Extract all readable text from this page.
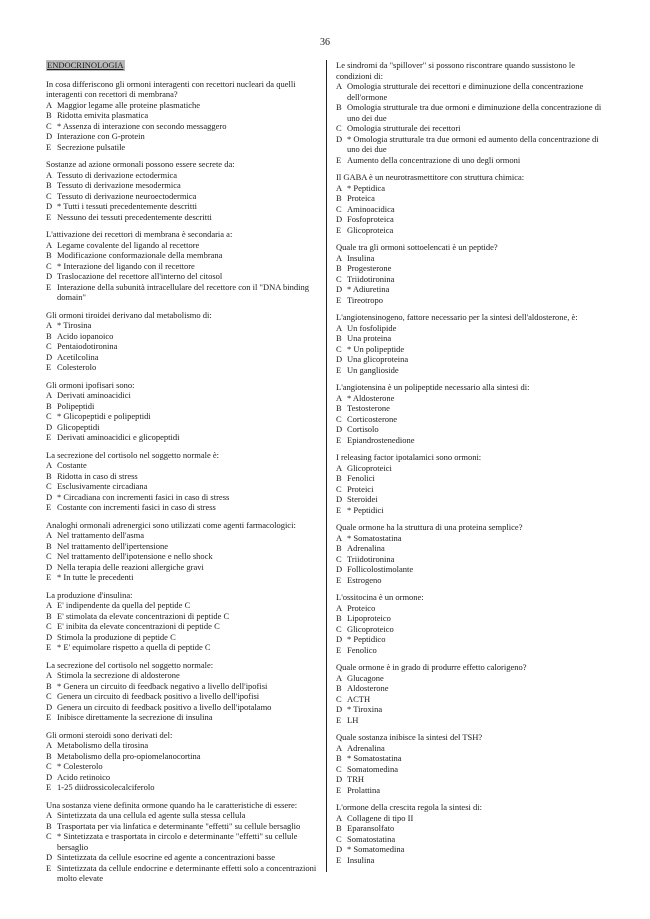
36
ENDOCRINOLOGIA

In cosa differiscono gli ormoni interagenti con recettori nucleari da quelli interagenti con recettori di membrana?

A Maggior legame alle proteine plasmatiche
B Ridotta emivita plasmatica
C * Assenza di interazione con secondo messaggero
D Interazione con G-protein
E Secrezione pulsatile

Sostanze ad azione ormonali possono essere secrete da:

A Tessuto di derivazione ectodermica
B Tessuto di derivazione mesodermica
C Tessuto di derivazione neuroectodermica
D * Tutti i tessuti precedentemente descritti
E Nessuno dei tessuti precedentemente descritti

L'attivazione dei recettori di membrana è secondaria a:

A Legame covalente del ligando al recettore
B Modificazione conformazionale della membrana
C * Interazione del ligando con il recettore
D Traslocazione del recettore all'interno del citosol
E Interazione della subunità intracellulare del recettore con il "DNA binding domain"

Gli ormoni tiroidei derivano dal metabolismo di:

A * Tirosina
B Acido iopanoico
C Pentaiodotironina
D Acetilcolina
E Colesterolo

Gli ormoni ipofisari sono:

A Derivati aminoacidici
B Polipeptidi
C * Glicopeptidi e polipeptidi
D Glicopeptidi
E Derivati aminoacidici e glicopeptidi

La secrezione del cortisolo nel soggetto normale è:

A Costante
B Ridotta in caso di stress
C Esclusivamente circadiana
D * Circadiana con incrementi fasici in caso di stress
E Costante con incrementi fasici in caso di stress

Analoghi ormonali adrenergici sono utilizzati come agenti farmacologici:

A Nel trattamento dell'asma
B Nel trattamento dell'ipertensione
C Nel trattamento dell'ipotensione e nello shock
D Nella terapia delle reazioni allergiche gravi
E * In tutte le precedenti

La produzione d'insulina:

A E' indipendente da quella del peptide C
B E' stimolata da elevate concentrazioni di peptide C
C E' inibita da elevate concentrazioni di peptide C
D Stimola la produzione di peptide C
E * E' equimolare rispetto a quella di peptide C

La secrezione del cortisolo nel soggetto normale:

A Stimola la secrezione di aldosterone
B * Genera un circuito di feedback negativo a livello dell'ipofisi
C Genera un circuito di feedback positivo a livello dell'ipofisi
D Genera un circuito di feedback positivo a livello dell'ipotalamo
E Inibisce direttamente la secrezione di insulina

Gli ormoni steroidi sono derivati del:

A Metabolismo della tirosina
B Metabolismo della pro-opiomelanocortina
C * Colesterolo
D Acido retinoico
E 1-25 diidrossicolecalciferolo

Una sostanza viene definita ormone quando ha le caratteristiche di essere:

A Sintetizzata da una cellula ed agente sulla stessa cellula
B Trasportata per via linfatica e determinante "effetti" su cellule bersaglio
C * Sintetizzata e trasportata in circolo e determinante "effetti" su cellule bersaglio
D Sintetizzata da cellule esocrine ed agente a concentrazioni basse
E Sintetizzata da cellule endocrine e determinante effetti solo a concentrazioni molto elevate

Le sindromi da "spillover" si possono riscontrare quando sussistono le condizioni di:

A Omologia strutturale dei recettori e diminuzione della concentrazione dell'ormone
B Omologia strutturale tra due ormoni e diminuzione della concentrazione di uno dei due
C Omologia strutturale dei recettori
D * Omologia strutturale tra due ormoni ed aumento della concentrazione di uno dei due
E Aumento della concentrazione di uno degli ormoni

Il GABA è un neurotrasmettitore con struttura chimica:

A * Peptidica
B Proteica
C Aminoacidica
D Fosfoproteica
E Glicoproteica

Quale tra gli ormoni sottoelencati è un peptide?

A Insulina
B Progesterone
C Triidotironina
D * Adiuretina
E Tireotropo

L'angiotensinogeno, fattore necessario per la sintesi dell'aldosterone, è:

A Un fosfolipide
B Una proteina
C * Un polipeptide
D Una glicoproteina
E Un ganglioside

L'angiotensina è un polipeptide necessario alla sintesi di:

A * Aldosterone
B Testosterone
C Corticosterone
D Cortisolo
E Epiandrostenedione

I releasing factor ipotalamici sono ormoni:

A Glicoproteici
B Fenolici
C Proteici
D Steroidei
E * Peptidici

Quale ormone ha la struttura di una proteina semplice?

A * Somatostatina
B Adrenalina
C Triidotironina
D Follicolostimolante
E Estrogeno

L'ossitocina è un ormone:

A Proteico
B Lipoproteico
C Glicoproteico
D * Peptidico
E Fenolico

Quale ormone è in grado di produrre effetto calorigeno?

A Glucagone
B Aldosterone
C ACTH
D * Tiroxina
E LH

Quale sostanza inibisce la sintesi del TSH?

A Adrenalina
B * Somatostatina
C Somatomedina
D TRH
E Prolattina

L'ormone della crescita regola la sintesi di:

A Collagene di tipo II
B Eparansolfato
C Somatostatina
D * Somatomedina
E Insulina
